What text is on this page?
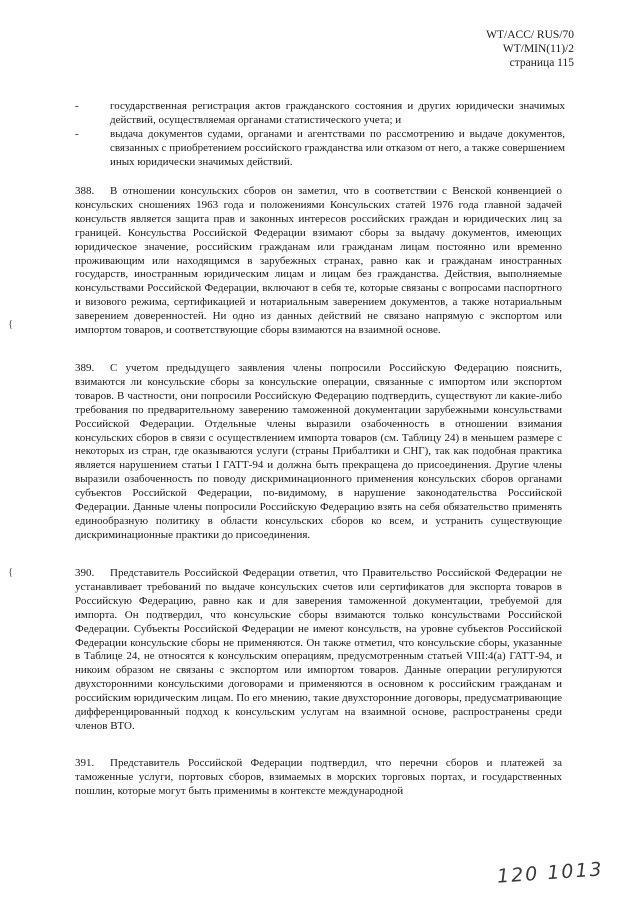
WT/ACC/ RUS/70
WT/MIN(11)/2
страница 115
-	государственная регистрация актов гражданского состояния и других юридически значимых действий, осуществляемая органами статистического учета; и
-	выдача документов судами, органами и агентствами по рассмотрению и выдаче документов, связанных с приобретением российского гражданства или отказом от него, а также совершением иных юридически значимых действий.

388. В отношении консульских сборов он заметил, что в соответствии с Венской конвенцией о консульских сношениях 1963 года и положениями Консульских статей 1976 года главной задачей консульств является защита прав и законных интересов российских граждан и юридических лиц за границей. Консульства Российской Федерации взимают сборы за выдачу документов, имеющих юридическое значение, российским гражданам или гражданам лицам постоянно или временно проживающим или находящимся в зарубежных странах, равно как и гражданам иностранных государств, иностранным юридическим лицам и лицам без гражданства. Действия, выполняемые консульствами Российской Федерации, включают в себя те, которые связаны с вопросами паспортного и визового режима, сертификацией и нотариальным заверением документов, а также нотариальным заверением доверенностей. Ни одно из данных действий не связано напрямую с экспортом или импортом товаров, и соответствующие сборы взимаются на взаимной основе.

389. С учетом предыдущего заявления члены попросили Российскую Федерацию пояснить, взимаются ли консульские сборы за консульские операции, связанные с импортом или экспортом товаров. В частности, они попросили Российскую Федерацию подтвердить, существуют ли какие-либо требования по предварительному заверению таможенной документации зарубежными консульствами Российской Федерации. Отдельные члены выразили озабоченность в отношении взимания консульских сборов в связи с осуществлением импорта товаров (см. Таблицу 24) в меньшем размере с некоторых из стран, где оказываются услуги (страны Прибалтики и СНГ), так как подобная практика является нарушением статьи I ГАТТ-94 и должна быть прекращена до присоединения. Другие члены выразили озабоченность по поводу дискриминационного применения консульских сборов органами субъектов Российской Федерации, по-видимому, в нарушение законодательства Российской Федерации. Данные члены попросили Российскую Федерацию взять на себя обязательство применять единообразную политику в области консульских сборов ко всем, и устранить существующие дискриминационные практики до присоединения.

390. Представитель Российской Федерации ответил, что Правительство Российской Федерации не устанавливает требований по выдаче консульских счетов или сертификатов для экспорта товаров в Российскую Федерацию, равно как и для заверения таможенной документации, требуемой для импорта. Он подтвердил, что консульские сборы взимаются только консульствами Российской Федерации. Субъекты Российской Федерации не имеют консульств, на уровне субъектов Российской Федерации консульские сборы не применяются. Он также отметил, что консульские сборы, указанные в Таблице 24, не относятся к консульским операциям, предусмотренным статьей VIII:4(а) ГАТТ-94, и никоим образом не связаны с экспортом или импортом товаров. Данные операции регулируются двухсторонними консульскими договорами и применяются в основном к российским гражданам и российским юридическим лицам. По его мнению, такие двухсторонние договоры, предусматривающие дифференцированный подход к консульским услугам на взаимной основе, распространены среди членов ВТО.

391. Представитель Российской Федерации подтвердил, что перечни сборов и платежей за таможенные услуги, портовых сборов, взимаемых в морских торговых портах, и государственных пошлин, которые могут быть применимы в контексте международной

{
{
120 1013
